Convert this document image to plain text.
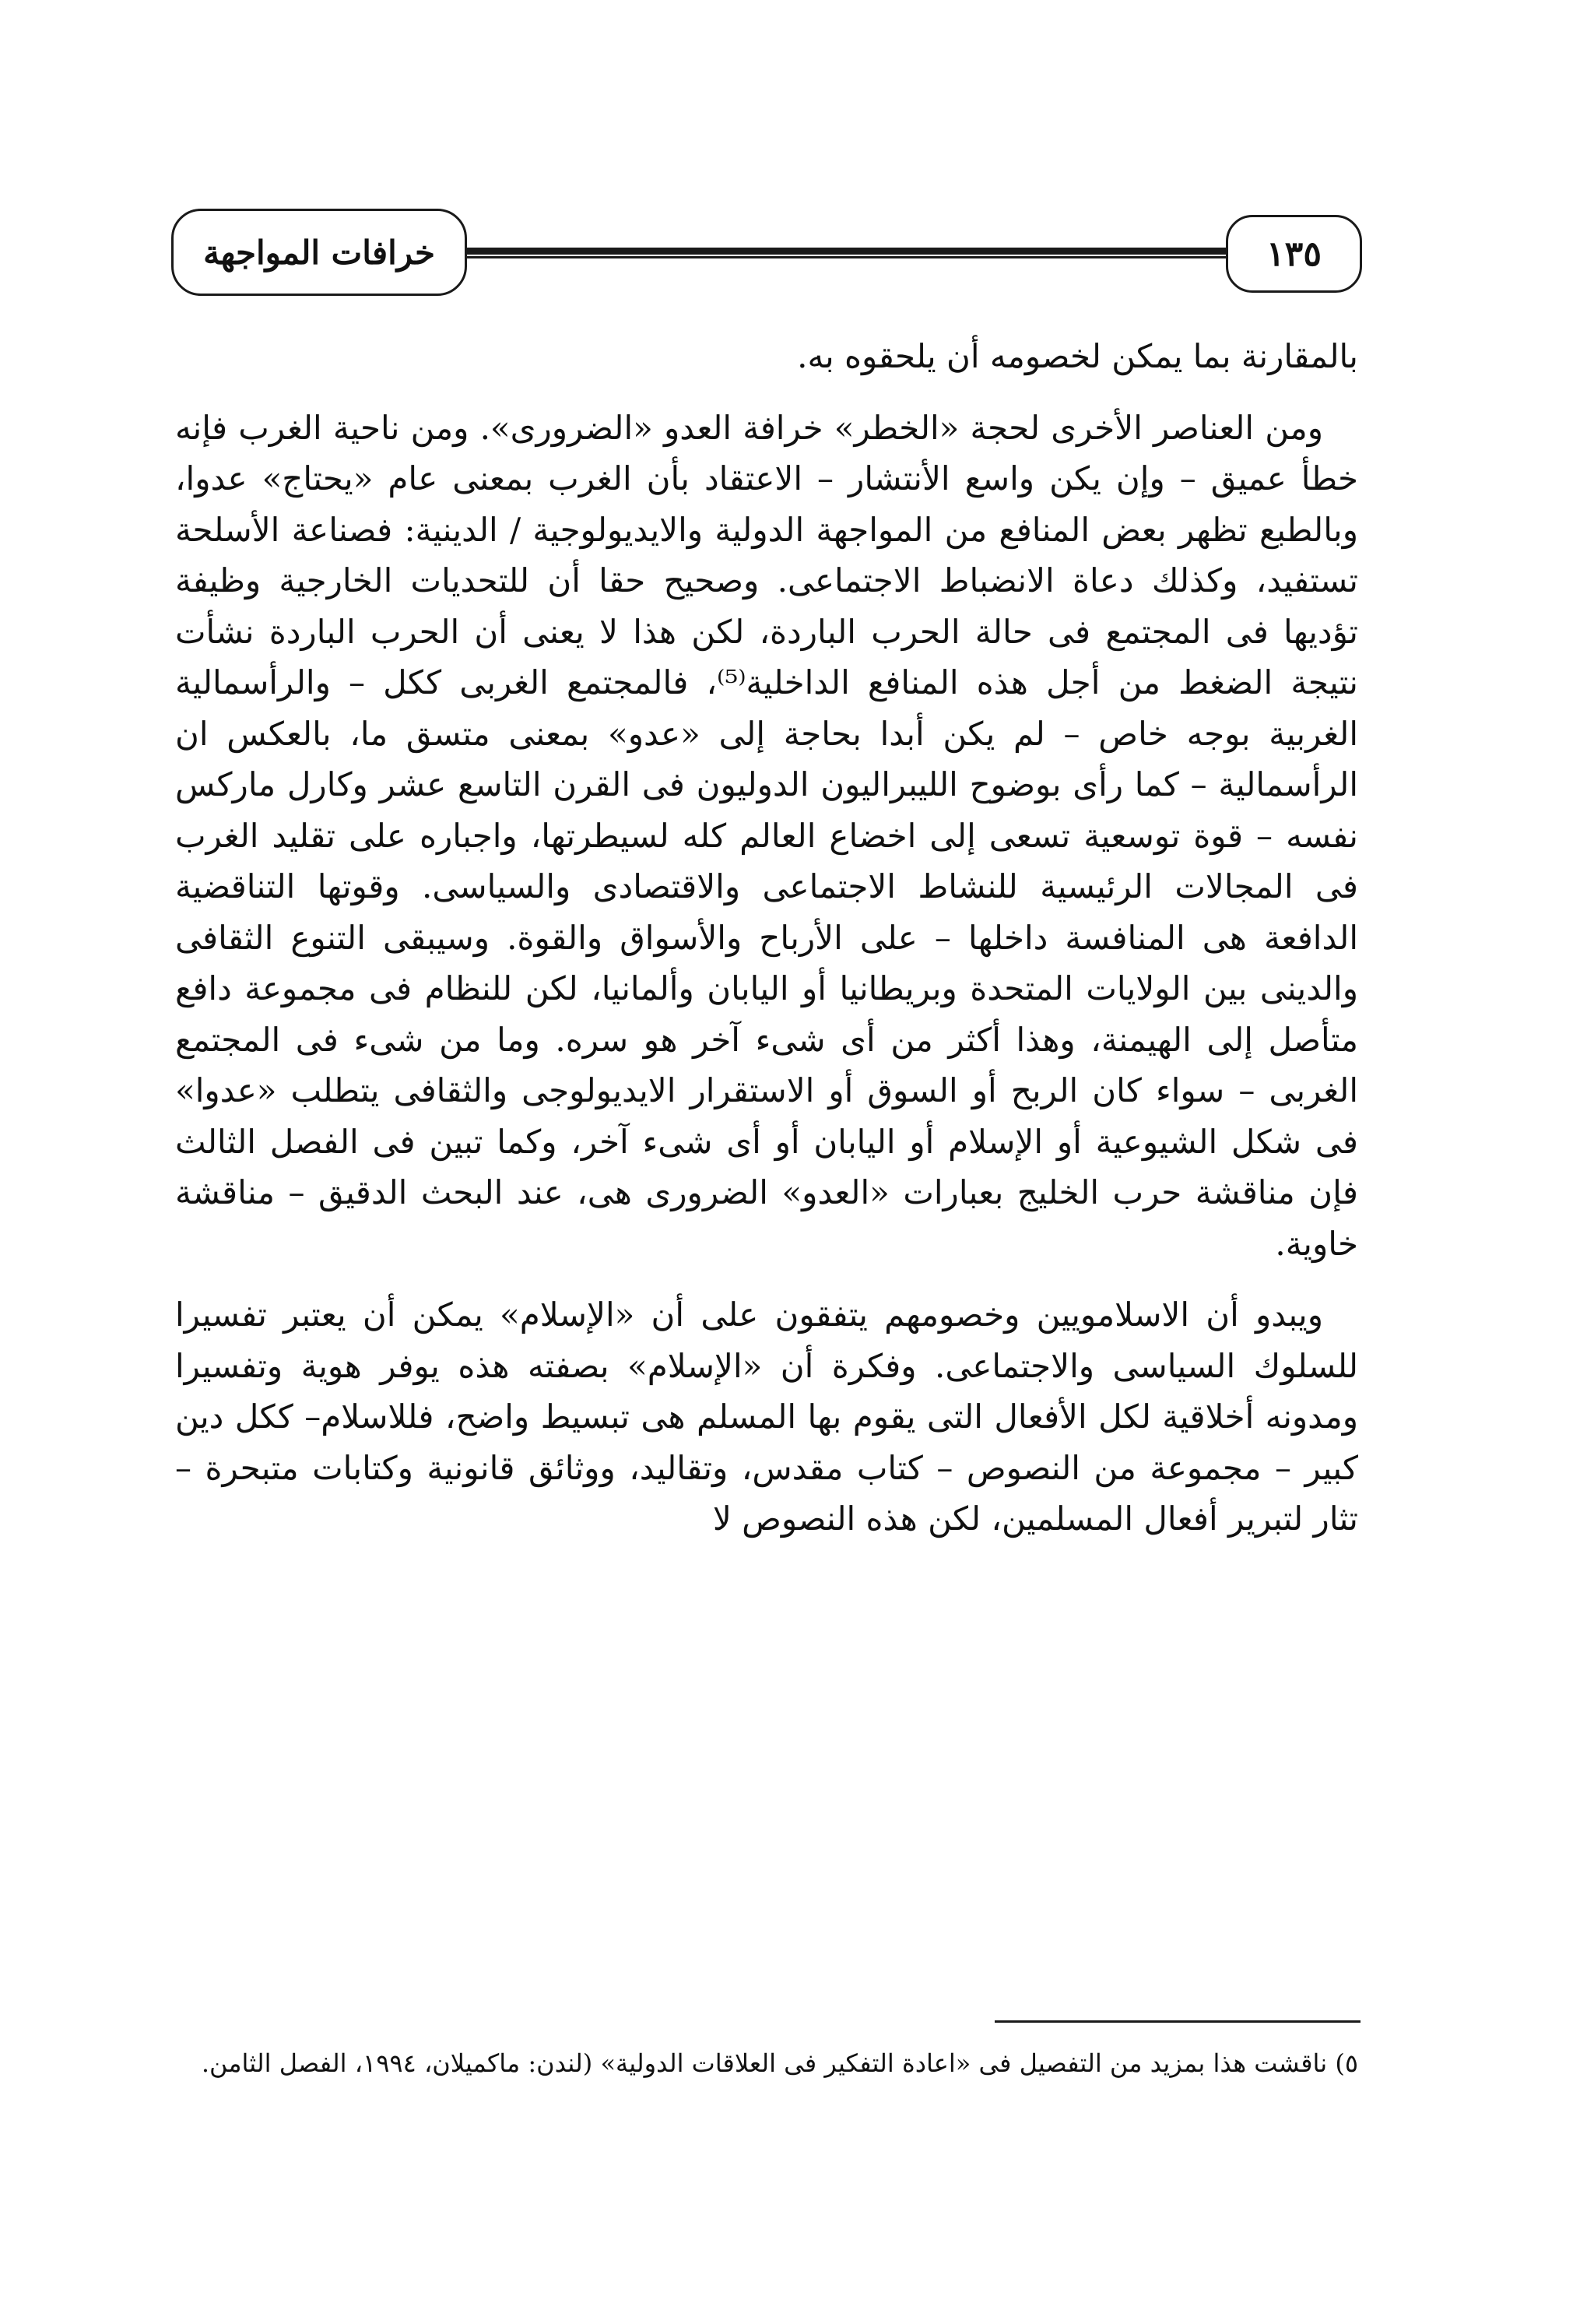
خرافات المواجهة	١٣٥

بالمقارنة بما يمكن لخصومه أن يلحقوه به.

ومن العناصر الأخرى لحجة «الخطر» خرافة العدو «الضرورى». ومن ناحية الغرب فإنه خطأ عميق – وإن يكن واسع الأنتشار – الاعتقاد بأن الغرب بمعنى عام «يحتاج» عدوا، وبالطبع تظهر بعض المنافع من المواجهة الدولية والايديولوجية / الدينية: فصناعة الأسلحة تستفيد، وكذلك دعاة الانضباط الاجتماعى. وصحيح حقا أن للتحديات الخارجية وظيفة تؤديها فى المجتمع فى حالة الحرب الباردة، لكن هذا لا يعنى أن الحرب الباردة نشأت نتيجة الضغط من أجل هذه المنافع الداخلية⁽⁵⁾، فالمجتمع الغربى ككل – والرأسمالية الغربية بوجه خاص – لم يكن أبدا بحاجة إلى «عدو» بمعنى متسق ما، بالعكس ان الرأسمالية – كما رأى بوضوح الليبراليون الدوليون فى القرن التاسع عشر وكارل ماركس نفسه – قوة توسعية تسعى إلى اخضاع العالم كله لسيطرتها، واجباره على تقليد الغرب فى المجالات الرئيسية للنشاط الاجتماعى والاقتصادى والسياسى. وقوتها التناقضية الدافعة هى المنافسة داخلها – على الأرباح والأسواق والقوة. وسيبقى التنوع الثقافى والدينى بين الولايات المتحدة وبريطانيا أو اليابان وألمانيا، لكن للنظام فى مجموعة دافع متأصل إلى الهيمنة، وهذا أكثر من أى شىء آخر هو سره. وما من شىء فى المجتمع الغربى – سواء كان الربح أو السوق أو الاستقرار الايديولوجى والثقافى يتطلب «عدوا» فى شكل الشيوعية أو الإسلام أو اليابان أو أى شىء آخر، وكما تبين فى الفصل الثالث فإن مناقشة حرب الخليج بعبارات «العدو» الضرورى هى، عند البحث الدقيق – مناقشة خاوية.

ويبدو أن الاسلامويين وخصومهم يتفقون على أن «الإسلام» يمكن أن يعتبر تفسيرا للسلوك السياسى والاجتماعى. وفكرة أن «الإسلام» بصفته هذه يوفر هوية وتفسيرا ومدونه أخلاقية لكل الأفعال التى يقوم بها المسلم هى تبسيط واضح، فللاسلام– ككل دين كبير – مجموعة من النصوص – كتاب مقدس، وتقاليد، ووثائق قانونية وكتابات متبحرة – تثار لتبرير أفعال المسلمين، لكن هذه النصوص لا

٥) ناقشت هذا بمزيد من التفصيل فى «اعادة التفكير فى العلاقات الدولية» (لندن: ماكميلان، ١٩٩٤، الفصل الثامن.
